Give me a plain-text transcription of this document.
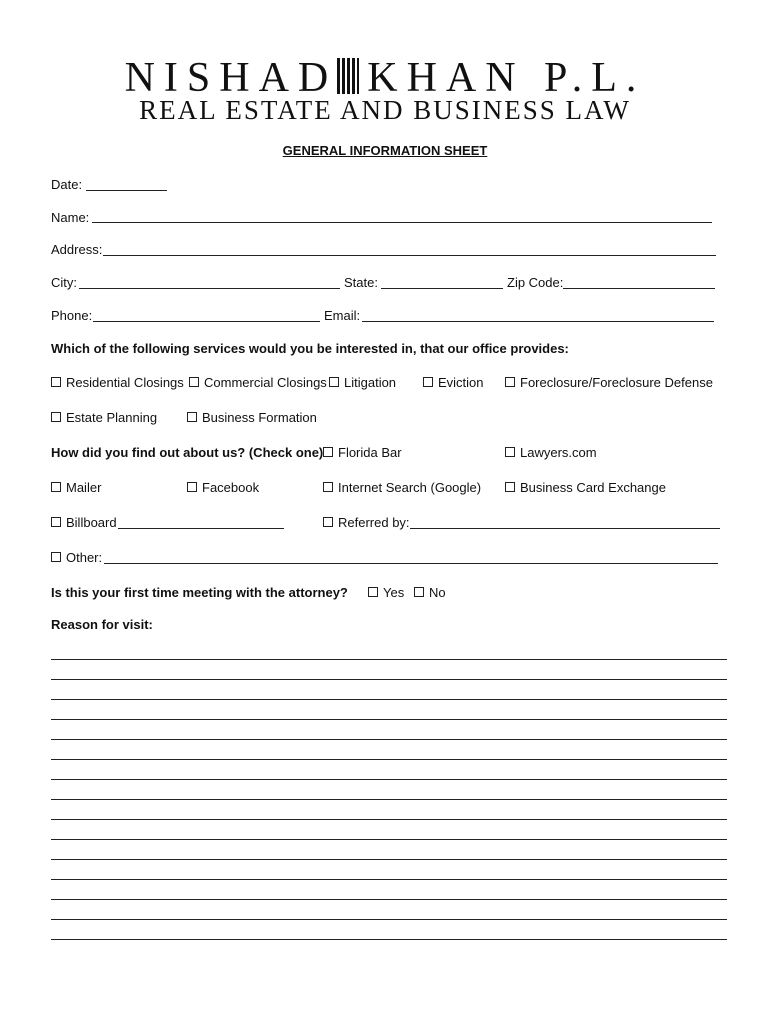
NISHAD KHAN P.L.
REAL ESTATE AND BUSINESS LAW
GENERAL INFORMATION SHEET
Date:
Name:
Address:
City:	State:	Zip Code:
Phone:	Email:
Which of the following services would you be interested in, that our office provides:
Residential Closings	Commercial Closings	Litigation	Eviction	Foreclosure/Foreclosure Defense
Estate Planning	Business Formation
How did you find out about us? (Check one)	Florida Bar	Lawyers.com
Mailer	Facebook	Internet Search (Google)	Business Card Exchange
Billboard	Referred by:
Other:
Is this your first time meeting with the attorney?	Yes	No
Reason for visit:
